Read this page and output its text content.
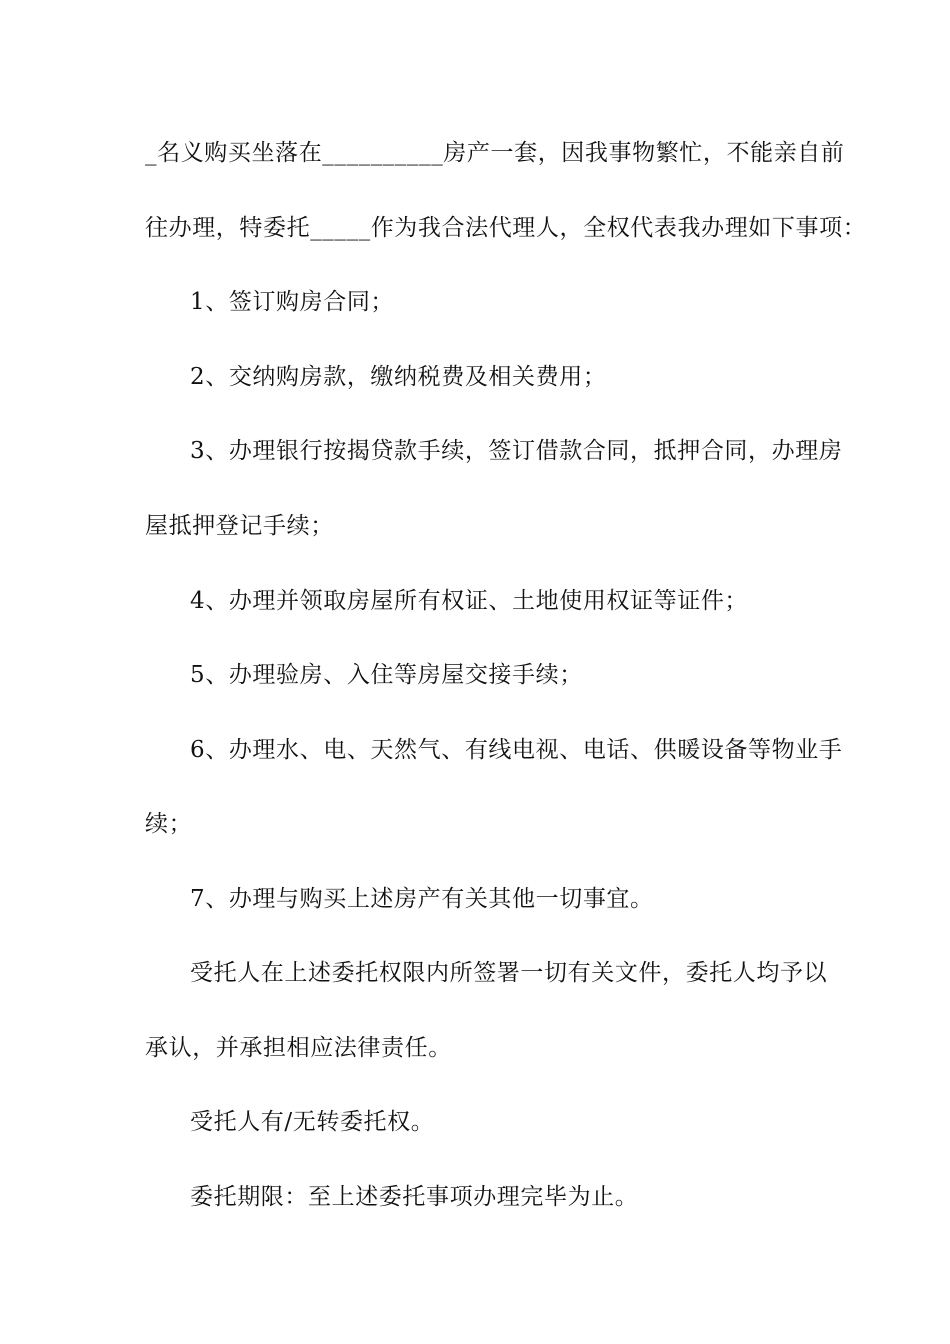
_名义购买坐落在__________房产一套，因我事物繁忙，不能亲自前
往办理，特委托_____作为我合法代理人，全权代表我办理如下事项：
1、签订购房合同；
2、交纳购房款，缴纳税费及相关费用；
3、办理银行按揭贷款手续，签订借款合同，抵押合同，办理房
屋抵押登记手续；
4、办理并领取房屋所有权证、土地使用权证等证件；
5、办理验房、入住等房屋交接手续；
6、办理水、电、天然气、有线电视、电话、供暖设备等物业手
续；
7、办理与购买上述房产有关其他一切事宜。
受托人在上述委托权限内所签署一切有关文件，委托人均予以
承认，并承担相应法律责任。
受托人有/无转委托权。
委托期限：至上述委托事项办理完毕为止。
